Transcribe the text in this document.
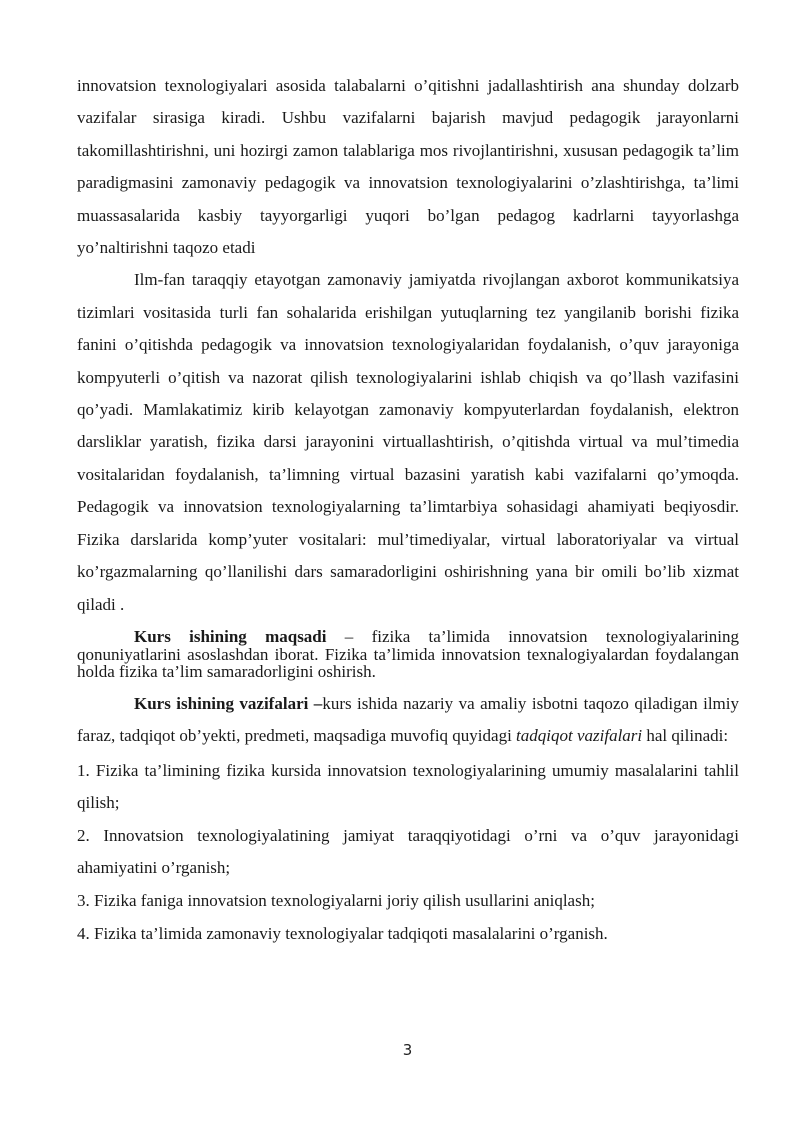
innovatsion texnologiyalari asosida talabalarni o’qitishni jadallashtirish ana shunday dolzarb vazifalar sirasiga kiradi. Ushbu vazifalarni bajarish mavjud pedagogik jarayonlarni takomillashtirishni, uni hozirgi zamon talablariga mos rivojlantirishni, xususan pedagogik ta’lim paradigmasini zamonaviy pedagogik va innovatsion texnologiyalarini o’zlashtirishga, ta’limi muassasalarida kasbiy tayyorgarligi yuqori bo’lgan pedagog kadrlarni tayyorlashga yo’naltirishni taqozo etadi

Ilm-fan taraqqiy etayotgan zamonaviy jamiyatda rivojlangan axborot kommunikatsiya tizimlari vositasida turli fan sohalarida erishilgan yutuqlarning tez yangilanib borishi fizika fanini o’qitishda pedagogik va innovatsion texnologiyalaridan foydalanish, o’quv jarayoniga kompyuterli o’qitish va nazorat qilish texnologiyalarini ishlab chiqish va qo’llash vazifasini qo’yadi. Mamlakatimiz kirib kelayotgan zamonaviy kompyuterlardan foydalanish, elektron darsliklar yaratish, fizika darsi jarayonini virtuallashtirish, o’qitishda virtual va mul’timedia vositalaridan foydalanish, ta’limning virtual bazasini yaratish kabi vazifalarni qo’ymoqda. Pedagogik va innovatsion texnologiyalarning ta’limtarbiya sohasidagi ahamiyati beqiyosdir. Fizika darslarida komp’yuter vositalari: mul’timediyalar, virtual laboratoriyalar va virtual ko’rgazmalarning qo’llanilishi dars samaradorligini oshirishning yana bir omili bo’lib xizmat qiladi .

Kurs ishining maqsadi – fizika ta’limida innovatsion texnologiyalarining qonuniyatlarini asoslashdan iborat. Fizika ta’limida innovatsion texnalogiyalardan foydalangan holda fizika ta’lim samaradorligini oshirish.

Kurs ishining vazifalari –kurs ishida nazariy va amaliy isbotni taqozo qiladigan ilmiy faraz, tadqiqot ob’yekti, predmeti, maqsadiga muvofiq quyidagi tadqiqot vazifalari hal qilinadi:

1. Fizika ta’limining fizika kursida innovatsion texnologiyalarining umumiy masalalarini tahlil qilish;

2. Innovatsion texnologiyalatining jamiyat taraqqiyotidagi o’rni va o’quv jarayonidagi ahamiyatini o’rganish;

3. Fizika faniga innovatsion texnologiyalarni joriy qilish usullarini aniqlash;

4. Fizika ta’limida zamonaviy texnologiyalar tadqiqoti masalalarini o’rganish.

3
